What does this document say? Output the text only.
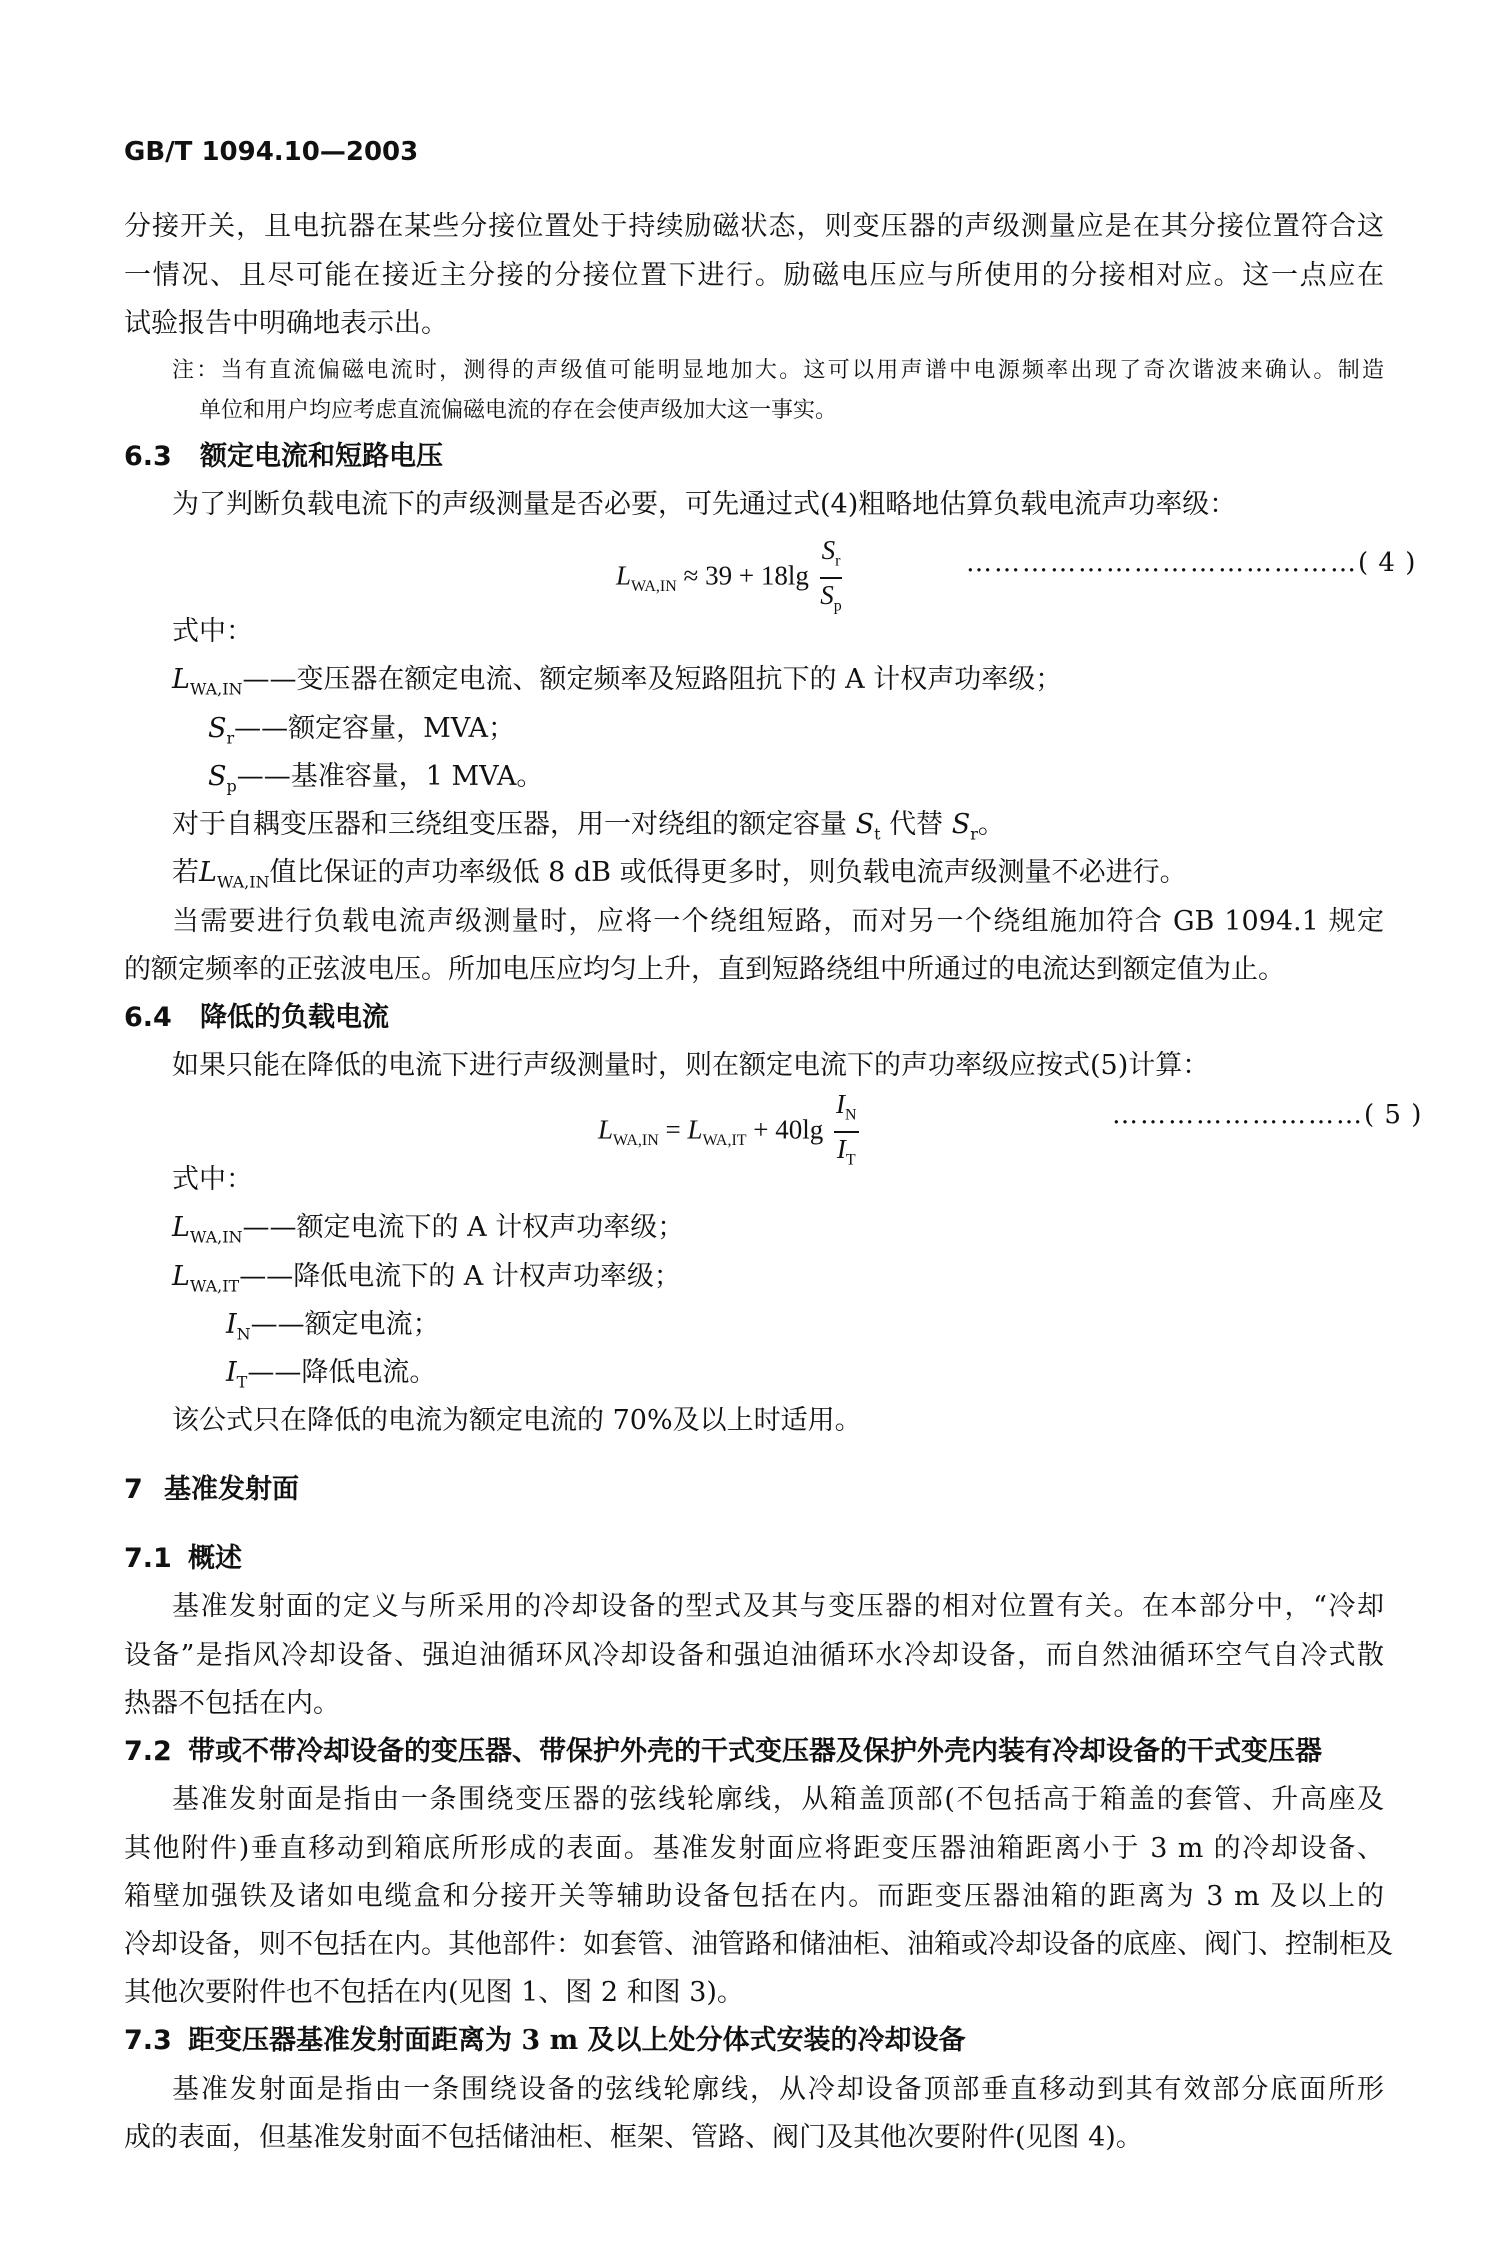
GB/T 1094.10—2003
分接开关，且电抗器在某些分接位置处于持续励磁状态，则变压器的声级测量应是在其分接位置符合这
一情况、且尽可能在接近主分接的分接位置下进行。励磁电压应与所使用的分接相对应。这一点应在
试验报告中明确地表示出。
注：当有直流偏磁电流时，测得的声级值可能明显地加大。这可以用声谱中电源频率出现了奇次谐波来确认。制造
单位和用户均应考虑直流偏磁电流的存在会使声级加大这一事实。
6.3 额定电流和短路电压
为了判断负载电流下的声级测量是否必要，可先通过式(4)粗略地估算负载电流声功率级：
$L_{WA,IN} \approx 39 + 18\lg \frac{S_r}{S_p}$	……………………………………( 4 )
式中：
$L_{WA,IN}——$变压器在额定电流、额定频率及短路阻抗下的 A 计权声功率级；
$S_r——$额定容量，MVA；
$S_p——$基准容量，1 MVA。
对于自耦变压器和三绕组变压器，用一对绕组的额定容量 $S_t$ 代替 $S_r$。
若$L_{WA,IN}$值比保证的声功率级低 8 dB 或低得更多时，则负载电流声级测量不必进行。
当需要进行负载电流声级测量时，应将一个绕组短路，而对另一个绕组施加符合 GB 1094.1 规定
的额定频率的正弦波电压。所加电压应均匀上升，直到短路绕组中所通过的电流达到额定值为止。
6.4 降低的负载电流
如果只能在降低的电流下进行声级测量时，则在额定电流下的声功率级应按式(5)计算：
$L_{WA,IN} = L_{WA,IT} + 40\lg \frac{I_N}{I_T}$	………………………( 5 )
式中：
$L_{WA,IN}——$额定电流下的 A 计权声功率级；
$L_{WA,IT}——$降低电流下的 A 计权声功率级；
$I_N——$额定电流；
$I_T——$降低电流。
该公式只在降低的电流为额定电流的 70%及以上时适用。
7 基准发射面
7.1 概述
基准发射面的定义与所采用的冷却设备的型式及其与变压器的相对位置有关。在本部分中，“冷却
设备”是指风冷却设备、强迫油循环风冷却设备和强迫油循环水冷却设备，而自然油循环空气自冷式散
热器不包括在内。
7.2 带或不带冷却设备的变压器、带保护外壳的干式变压器及保护外壳内装有冷却设备的干式变压器
基准发射面是指由一条围绕变压器的弦线轮廓线，从箱盖顶部(不包括高于箱盖的套管、升高座及
其他附件)垂直移动到箱底所形成的表面。基准发射面应将距变压器油箱距离小于 3 m 的冷却设备、
箱壁加强铁及诸如电缆盒和分接开关等辅助设备包括在内。而距变压器油箱的距离为 3 m 及以上的
冷却设备，则不包括在内。其他部件：如套管、油管路和储油柜、油箱或冷却设备的底座、阀门、控制柜及
其他次要附件也不包括在内(见图 1、图 2 和图 3)。
7.3 距变压器基准发射面距离为 3 m 及以上处分体式安装的冷却设备
基准发射面是指由一条围绕设备的弦线轮廓线，从冷却设备顶部垂直移动到其有效部分底面所形
成的表面，但基准发射面不包括储油柜、框架、管路、阀门及其他次要附件(见图 4)。
